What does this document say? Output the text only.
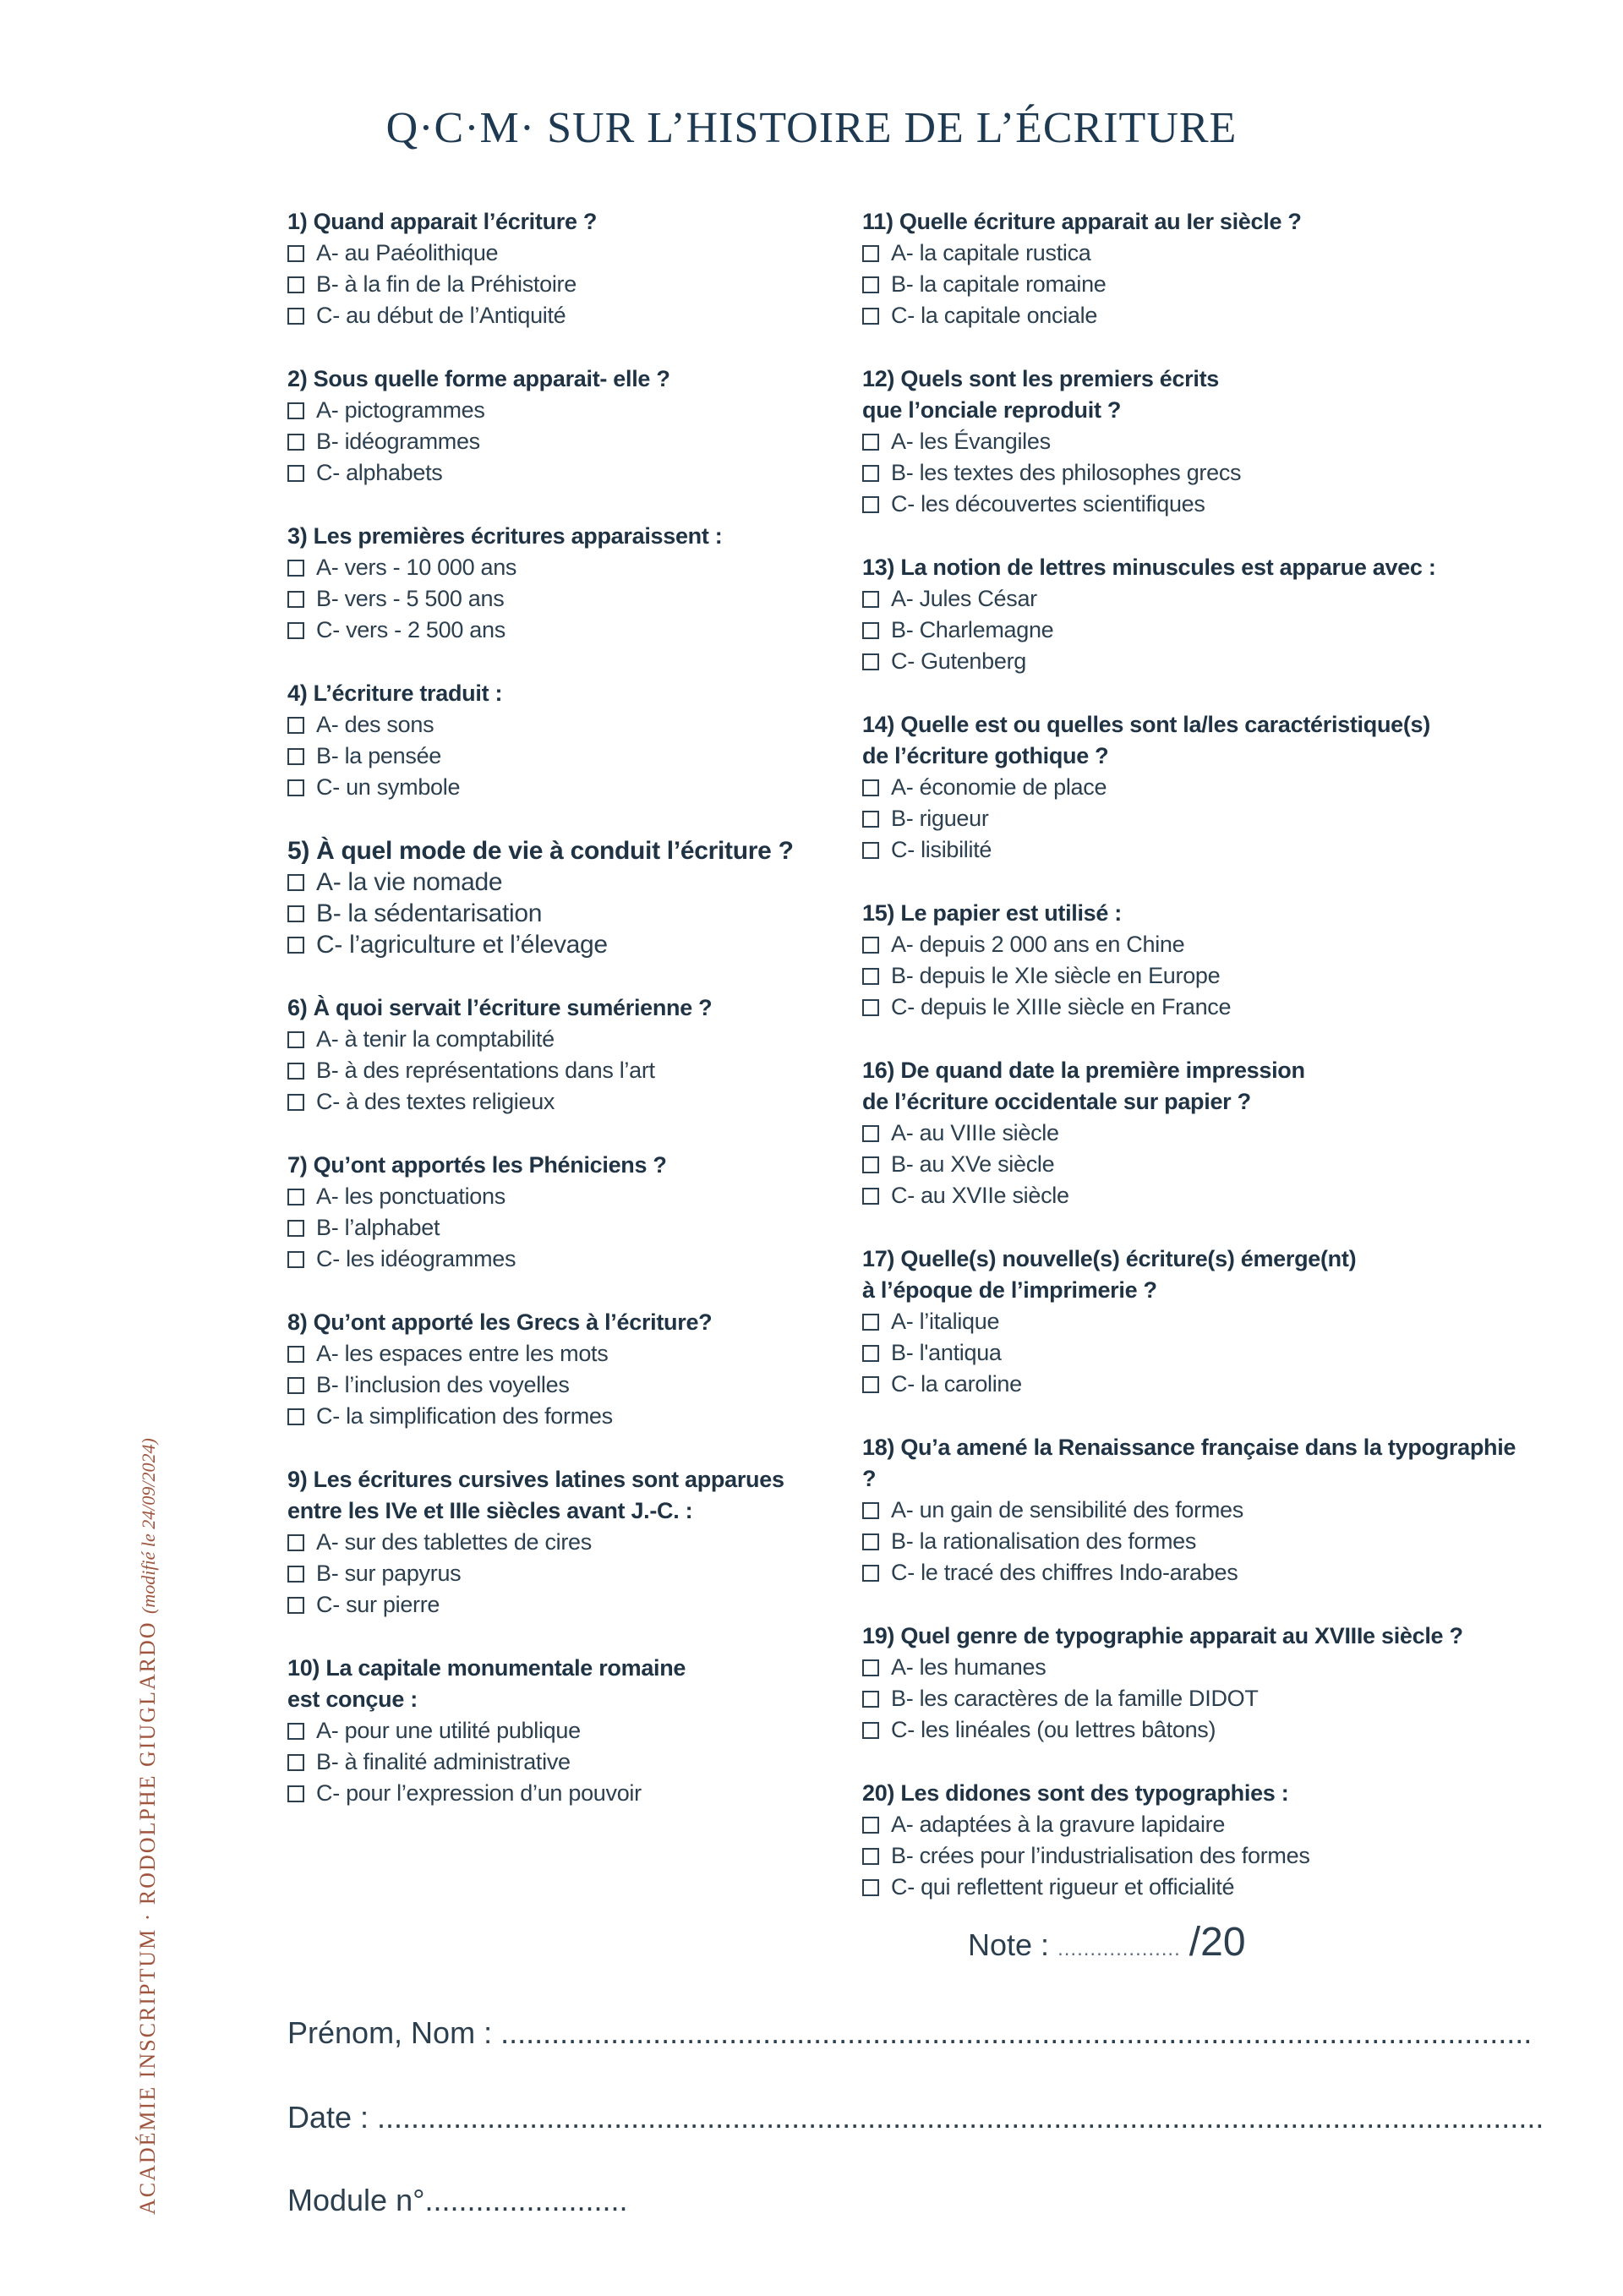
Q·C·M· SUR L’HISTOIRE DE L’ÉCRITURE
1) Quand apparait l’écriture ?
A- au Paéolithique
B- à la fin de la Préhistoire
C- au début de l’Antiquité
2) Sous quelle forme apparait- elle ?
A- pictogrammes
B- idéogrammes
C- alphabets
3) Les premières écritures apparaissent :
A- vers - 10 000 ans
B- vers - 5 500 ans
C- vers - 2 500 ans
4) L’écriture traduit :
A- des sons
B- la pensée
C- un symbole
5) À quel mode de vie à conduit l’écriture ?
A- la vie nomade
B- la sédentarisation
C- l’agriculture et l’élevage
6) À quoi servait l’écriture sumérienne ?
A- à tenir la comptabilité
B- à des représentations dans l’art
C- à des textes religieux
7) Qu’ont apportés les Phéniciens ?
A- les ponctuations
B- l’alphabet
C- les idéogrammes
8) Qu’ont apporté les Grecs à l’écriture?
A- les espaces entre les mots
B- l’inclusion des voyelles
C- la simplification des formes
9) Les écritures cursives latines sont apparues
entre les IVe et IIIe siècles avant J.-C. :
A- sur des tablettes de cires
B- sur papyrus
C- sur pierre
10) La capitale monumentale romaine
est conçue :
A- pour une utilité publique
B- à finalité administrative
C- pour l’expression d’un pouvoir
11) Quelle écriture apparait au Ier siècle ?
A- la capitale rustica
B- la capitale romaine
C- la capitale onciale
12) Quels sont les premiers écrits
que l’onciale reproduit ?
A- les Évangiles
B- les textes des philosophes grecs
C- les découvertes scientifiques
13) La notion de lettres minuscules est apparue avec :
A- Jules César
B- Charlemagne
C- Gutenberg
14) Quelle est ou quelles sont la/les caractéristique(s)
de l’écriture gothique ?
A- économie de place
B- rigueur
C- lisibilité
15) Le papier est utilisé :
A- depuis 2 000 ans en Chine
B- depuis le XIe siècle en Europe
C- depuis le XIIIe siècle en France
16) De quand date la première impression
de l’écriture occidentale sur papier ?
A- au VIIIe siècle
B- au XVe siècle
C- au XVIIe siècle
17) Quelle(s) nouvelle(s) écriture(s) émerge(nt)
à l’époque de l’imprimerie ?
A- l’italique
B- l'antiqua
C- la caroline
18) Qu’a amené la Renaissance française dans la typographie ?
A- un gain de sensibilité des formes
B- la rationalisation des formes
C- le tracé des chiffres Indo-arabes
19) Quel genre de typographie apparait au XVIIIe siècle ?
A- les humanes
B- les caractères de la famille DIDOT
C- les linéales (ou lettres bâtons)
20) Les didones sont des typographies :
A- adaptées à la gravure lapidaire
B- crées pour l’industrialisation des formes
C- qui reflettent rigueur et officialité
Note : ................... /20
Prénom, Nom : ..........................................................................................................................
Date : ..........................................................................................................................................
Module n°........................
ACADÉMIE INSCRIPTUM · RODOLPHE GIUGLARDO (modifié le 24/09/2024)
